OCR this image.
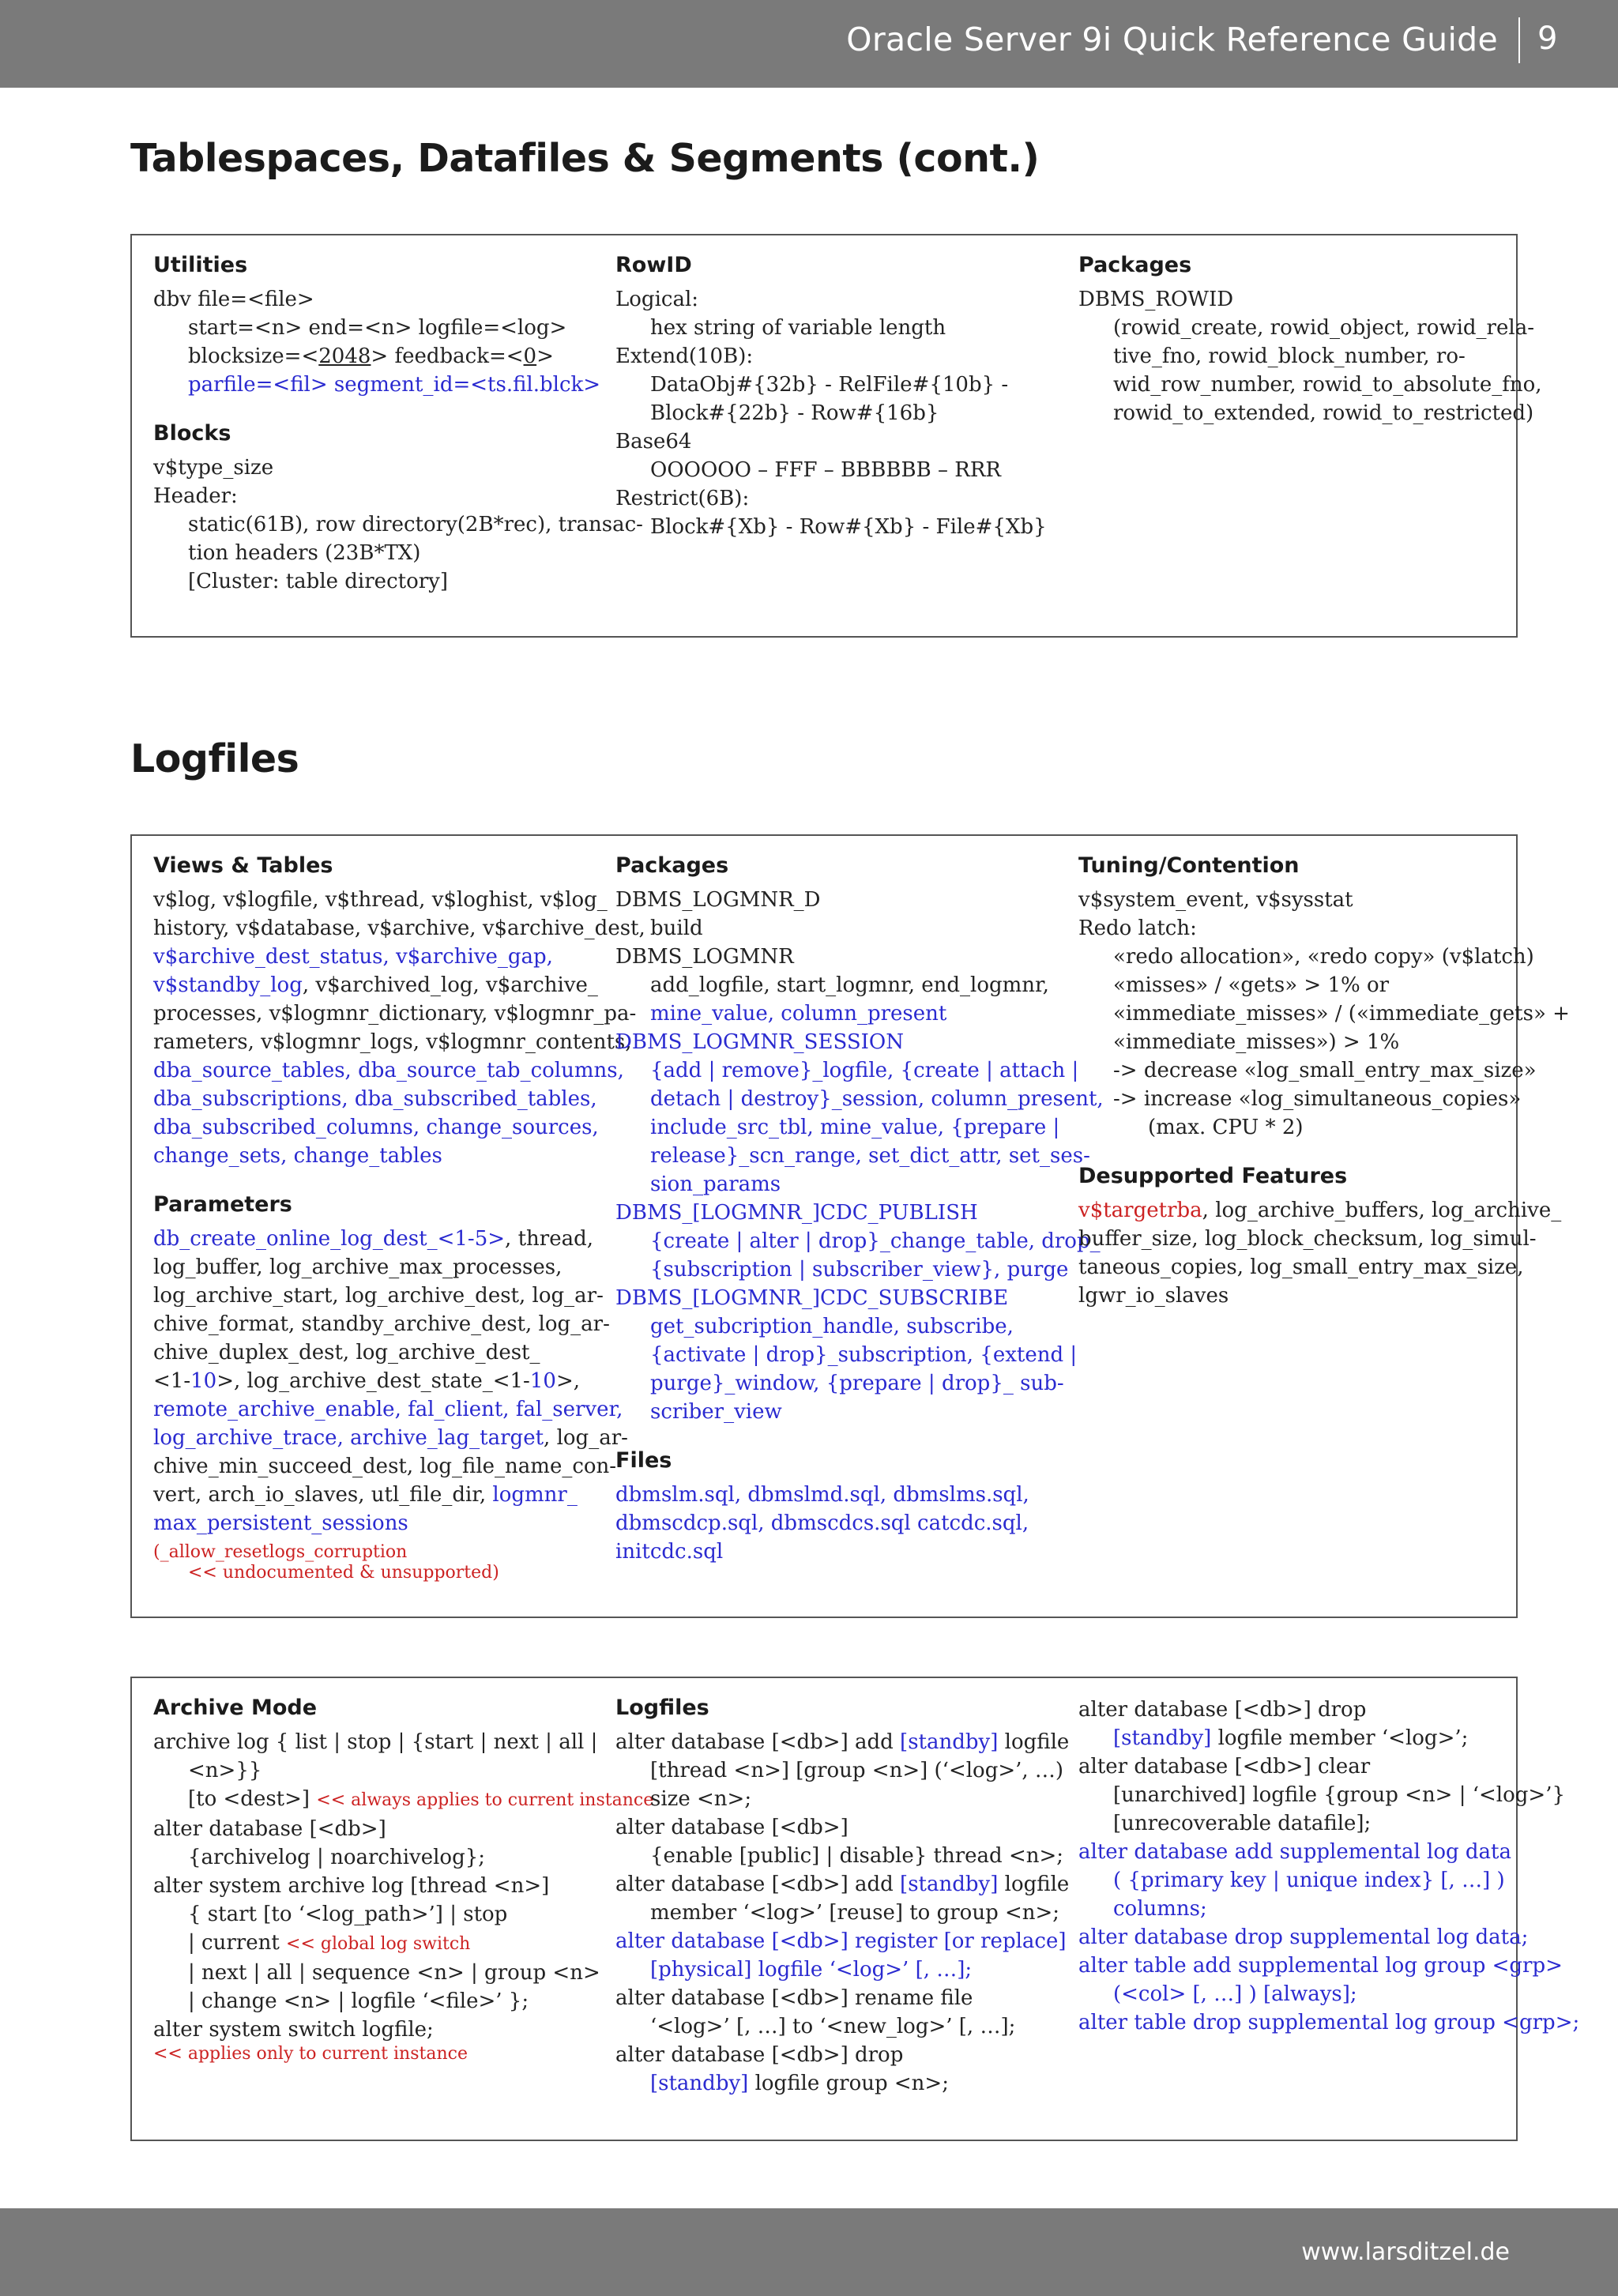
Oracle Server 9i Quick Reference Guide 9
Tablespaces, Datafiles & Segments (cont.)

Utilities

dbv file=<file>

start=<n> end=<n> logfile=<log>

blocksize=<2048> feedback=<0>

parfile=<fil> segment_id=<ts.fil.blck>

Blocks

v$type_size

Header:

static(61B), row directory(2B*rec), transac-

tion headers (23B*TX)

[Cluster: table directory]

RowID

Logical:

hex string of variable length

Extend(10B):

DataObj#{32b} - RelFile#{10b} -

Block#{22b} - Row#{16b}

Base64

OOOOOO – FFF – BBBBBB – RRR

Restrict(6B):

Block#{Xb} - Row#{Xb} - File#{Xb}

Packages

DBMS_ROWID

(rowid_create, rowid_object, rowid_rela-

tive_fno, rowid_block_number, ro-

wid_row_number, rowid_to_absolute_fno,

rowid_to_extended, rowid_to_restricted)

Logfiles

Views & Tables

v$log, v$logfile, v$thread, v$loghist, v$log_

history, v$database, v$archive, v$archive_dest,

v$archive_dest_status, v$archive_gap,

v$standby_log, v$archived_log, v$archive_

processes, v$logmnr_dictionary, v$logmnr_pa-

rameters, v$logmnr_logs, v$logmnr_contents,

dba_source_tables, dba_source_tab_columns,

dba_subscriptions, dba_subscribed_tables,

dba_subscribed_columns, change_sources,

change_sets, change_tables

Parameters

db_create_online_log_dest_<1-5>, thread,

log_buffer, log_archive_max_processes,

log_archive_start, log_archive_dest, log_ar-

chive_format, standby_archive_dest, log_ar-

chive_duplex_dest, log_archive_dest_

<1-10>, log_archive_dest_state_<1-10>,

remote_archive_enable, fal_client, fal_server,

log_archive_trace, archive_lag_target, log_ar-

chive_min_succeed_dest, log_file_name_con-

vert, arch_io_slaves, utl_file_dir, logmnr_

max_persistent_sessions

(_allow_resetlogs_corruption

<< undocumented & unsupported)

Packages

DBMS_LOGMNR_D

build

DBMS_LOGMNR

add_logfile, start_logmnr, end_logmnr,

mine_value, column_present

DBMS_LOGMNR_SESSION

{add | remove}_logfile, {create | attach |

detach | destroy}_session, column_present,

include_src_tbl, mine_value, {prepare |

release}_scn_range, set_dict_attr, set_ses-

sion_params

DBMS_[LOGMNR_]CDC_PUBLISH

{create | alter | drop}_change_table, drop_

{subscription | subscriber_view}, purge

DBMS_[LOGMNR_]CDC_SUBSCRIBE

get_subcription_handle, subscribe,

{activate | drop}_subscription, {extend |

purge}_window, {prepare | drop}_ sub-

scriber_view

Files

dbmslm.sql, dbmslmd.sql, dbmslms.sql,

dbmscdcp.sql, dbmscdcs.sql catcdc.sql,

initcdc.sql

Tuning/Contention

v$system_event, v$sysstat

Redo latch:

«redo allocation», «redo copy» (v$latch)

«misses» / «gets» > 1% or

«immediate_misses» / («immediate_gets» +

«immediate_misses») > 1%

-> decrease «log_small_entry_max_size»

-> increase «log_simultaneous_copies»

(max. CPU * 2)

Desupported Features

v$targetrba, log_archive_buffers, log_archive_

buffer_size, log_block_checksum, log_simul-

taneous_copies, log_small_entry_max_size,

lgwr_io_slaves

Archive Mode

archive log { list | stop | {start | next | all |

<n>}}

[to <dest>] << always applies to current instance

alter database [<db>]

{archivelog | noarchivelog};

alter system archive log [thread <n>]

{ start [to ‘<log_path>’] | stop

| current << global log switch

| next | all | sequence <n> | group <n>

| change <n> | logfile ‘<file>’ };

alter system switch logfile;

<< applies only to current instance

Logfiles

alter database [<db>] add [standby] logfile

[thread <n>] [group <n>] (‘<log>’, …)

size <n>;

alter database [<db>]

{enable [public] | disable} thread <n>;

alter database [<db>] add [standby] logfile

member ‘<log>’ [reuse] to group <n>;

alter database [<db>] register [or replace]

[physical] logfile ‘<log>’ [, …];

alter database [<db>] rename file

‘<log>’ [, …] to ‘<new_log>’ [, …];

alter database [<db>] drop

[standby] logfile group <n>;

alter database [<db>] drop

[standby] logfile member ‘<log>’;

alter database [<db>] clear

[unarchived] logfile {group <n> | ‘<log>’}

[unrecoverable datafile];

alter database add supplemental log data

( {primary key | unique index} [, …] )

columns;

alter database drop supplemental log data;

alter table add supplemental log group <grp>

(<col> [, …] ) [always];

alter table drop supplemental log group <grp>;

www.larsditzel.de
